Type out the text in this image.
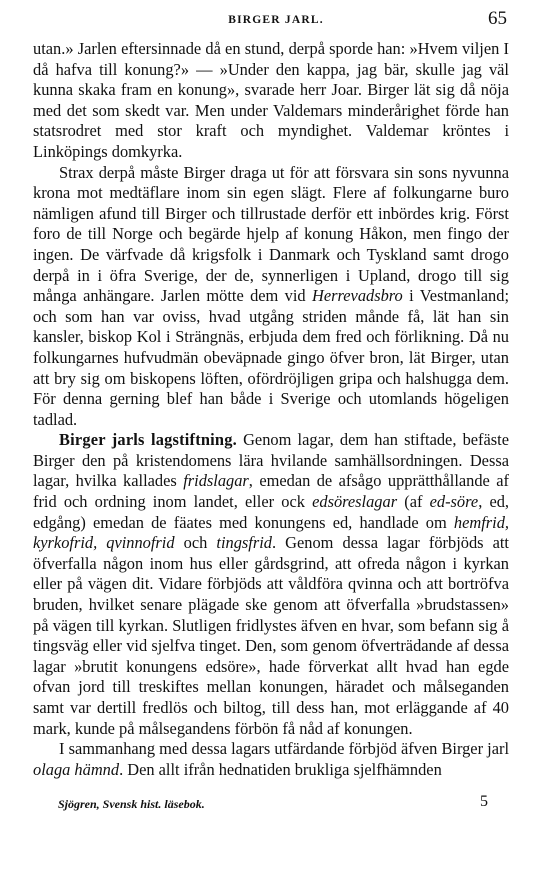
BIRGER JARL.	65

utan.» Jarlen eftersinnade då en stund, derpå sporde han: »Hvem viljen I då hafva till konung?» — »Under den kappa, jag bär, skulle jag väl kunna skaka fram en konung», svarade herr Joar. Birger lät sig då nöja med det som skedt var. Men under Valdemars minderårighet förde han statsrodret med stor kraft och myndighet. Valdemar kröntes i Linköpings domkyrka.

Strax derpå måste Birger draga ut för att försvara sin sons nyvunna krona mot medtäflare inom sin egen slägt. Flere af folkungarne buro nämligen afund till Birger och tillrustade derför ett inbördes krig. Först foro de till Norge och begärde hjelp af konung Håkon, men fingo der ingen. De värfvade då krigsfolk i Danmark och Tyskland samt drogo derpå in i öfra Sverige, der de, synnerligen i Upland, drogo till sig många anhängare. Jarlen mötte dem vid Herrevadsbro i Vestmanland; och som han var oviss, hvad utgång striden månde få, lät han sin kansler, biskop Kol i Strängnäs, erbjuda dem fred och förlikning. Då nu folkungarnes hufvudmän obeväpnade gingo öfver bron, lät Birger, utan att bry sig om biskopens löften, ofördröjligen gripa och halshugga dem. För denna gerning blef han både i Sverige och utomlands högeligen tadlad.

Birger jarls lagstiftning. Genom lagar, dem han stiftade, befäste Birger den på kristendomens lära hvilande samhällsordningen. Dessa lagar, hvilka kallades fridslagar, emedan de afsågo upprätthållande af frid och ordning inom landet, eller ock edsöreslagar (af ed-söre, ed, edgång) emedan de fäates med konungens ed, handlade om hemfrid, kyrkofrid, qvinnofrid och tingsfrid. Genom dessa lagar förbjöds att öfverfalla någon inom hus eller gårdsgrind, att ofreda någon i kyrkan eller på vägen dit. Vidare förbjöds att våldföra qvinna och att bortröfva bruden, hvilket senare plägade ske genom att öfverfalla »brudstassen» på vägen till kyrkan. Slutligen fridlystes äfven en hvar, som befann sig å tingsväg eller vid sjelfva tinget. Den, som genom öfverträdande af dessa lagar »brutit konungens edsöre», hade förverkat allt hvad han egde ofvan jord till treskiftes mellan konungen, häradet och målseganden samt var dertill fredlös och biltog, till dess han, mot erläggande af 40 mark, kunde på målsegandens förbön få nåd af konungen.

I sammanhang med dessa lagars utfärdande förbjöd äfven Birger jarl olaga hämnd. Den allt ifrån hednatiden brukliga sjelfhämnden

Sjögren, Svensk hist. läsebok.	5
